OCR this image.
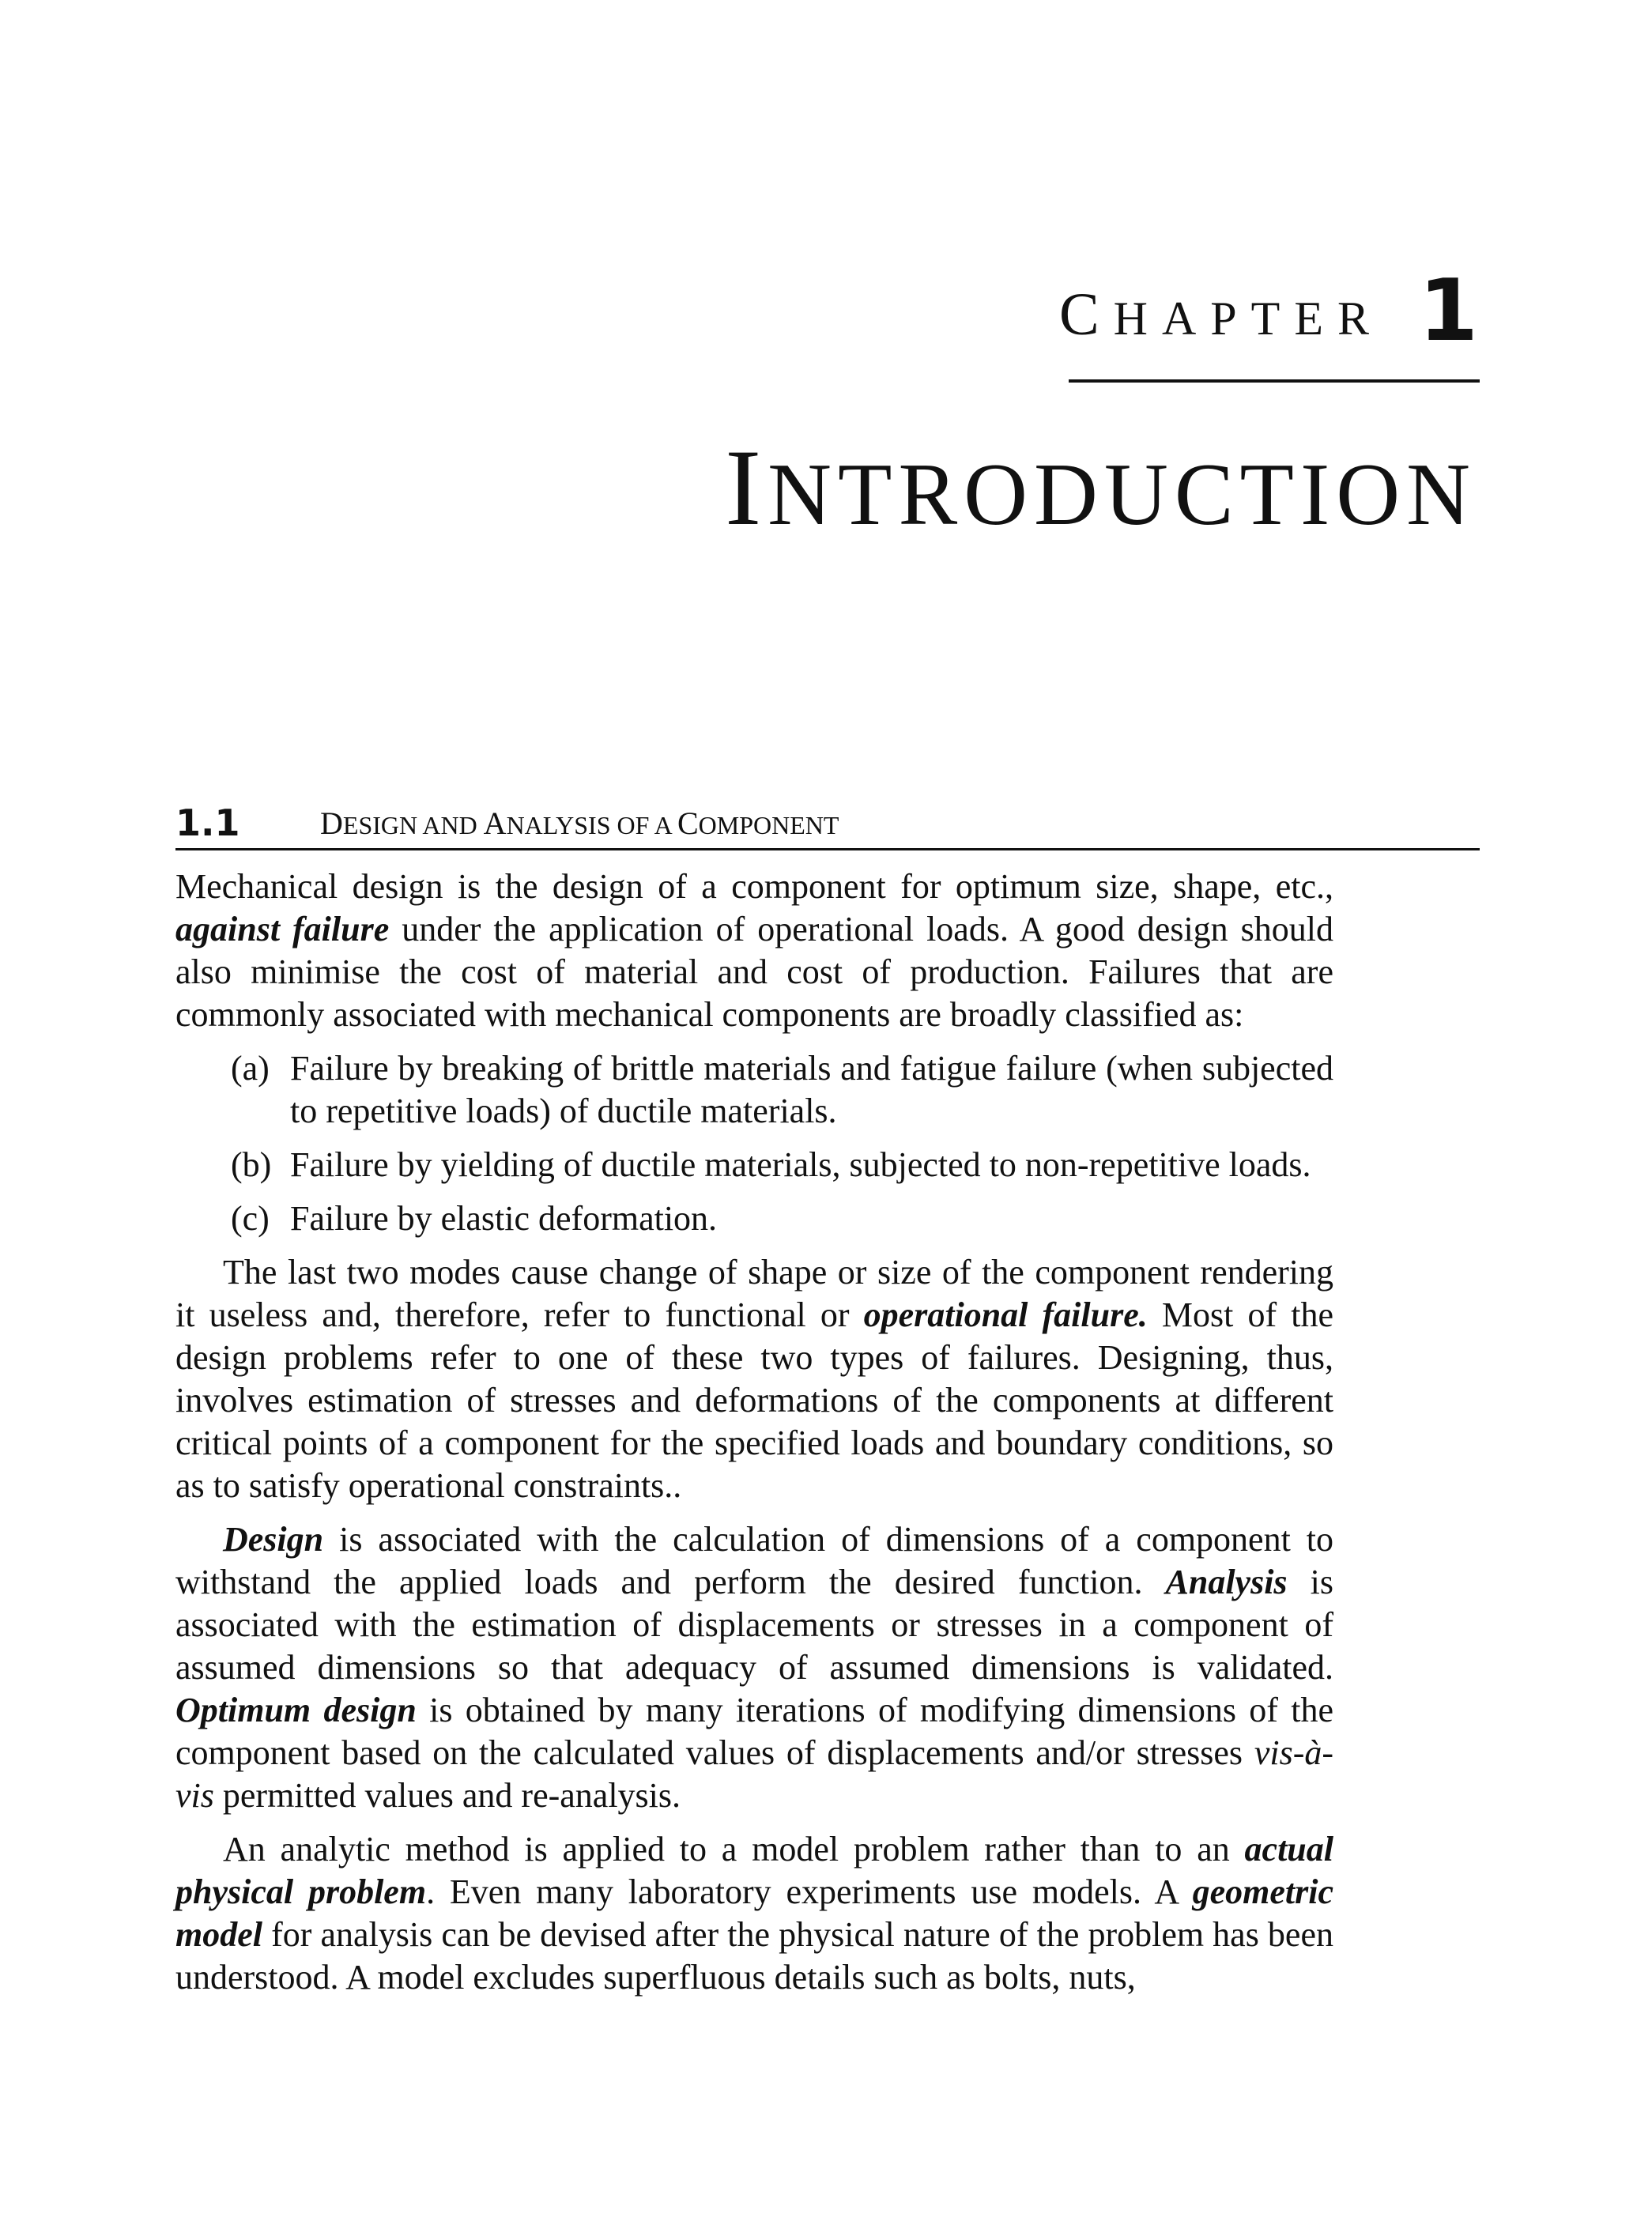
CHAPTER 1
INTRODUCTION
1.1	DESIGN AND ANALYSIS OF A COMPONENT

Mechanical design is the design of a component for optimum size, shape, etc., against failure under the application of operational loads. A good design should also minimise the cost of material and cost of production. Failures that are commonly associated with mechanical components are broadly classified as:

(a) Failure by breaking of brittle materials and fatigue failure (when subjected to repetitive loads) of ductile materials.
(b) Failure by yielding of ductile materials, subjected to non-repetitive loads.
(c) Failure by elastic deformation.

The last two modes cause change of shape or size of the component rendering it useless and, therefore, refer to functional or operational failure. Most of the design problems refer to one of these two types of failures. Designing, thus, involves estimation of stresses and deformations of the components at different critical points of a component for the specified loads and boundary conditions, so as to satisfy operational constraints..

Design is associated with the calculation of dimensions of a component to withstand the applied loads and perform the desired function. Analysis is associated with the estimation of displacements or stresses in a component of assumed dimensions so that adequacy of assumed dimensions is validated. Optimum design is obtained by many iterations of modifying dimensions of the component based on the calculated values of displacements and/or stresses vis-à-vis permitted values and re-analysis.

An analytic method is applied to a model problem rather than to an actual physical problem. Even many laboratory experiments use models. A geometric model for analysis can be devised after the physical nature of the problem has been understood. A model excludes superfluous details such as bolts, nuts,
